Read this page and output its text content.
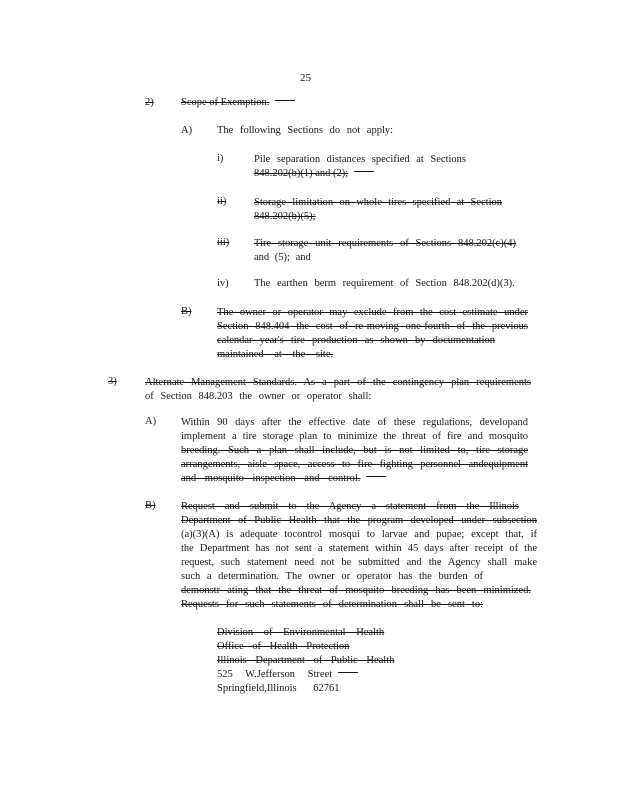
25
2)	Scope of Exemption.
A) The following Sections do not apply:
i)	Pile separation distances specified at Sections
848.202(b)(1) and (2);
ii)	Storage limitation on whole tires specified at Section
848.202(b)(5);
iii) Tire storage unit requirements of Sections 848.202(c)(4)
and (5); and
iv) The earthen berm requirement of Section 848.202(d)(3).
B) The owner or operator may exclude from the cost estimate under
Section 848.404 the cost of re-moving one-fourth of the previous
calendar year's tire production as shown by documentation
maintained at the site.
3)	Alternate Management Standards. As a part of the contingency plan requirements
of Section 848.203 the owner or operator shall:
A) Within 90 days after the effective date of these regulations, developand
implement a tire storage plan to minimize the threat of fire and mosquito
breeding. Such a plan shall include, but is not limited to, tire storage
arrangements, aisle space, access to fire fighting personnel andequipment
and mosquito inspection and control.
B) Request and submit to the Agency a statement from the Illinois
Department of Public Health that the program developed under subsection
(a)(3)(A) is adequate tocontrol mosqui to larvae and pupae; except that, if
the Department has not sent a statement within 45 days after receipt of the
request, such statement need not be submitted and the Agency shall make
such a determination. The owner or operator has the burden of
demonstr ating that the threat of mosquito breeding has been minimized.
Requests for such statements of determination shall be sent to:
Division of Environmental Health
Office of Health Protection
Illinois Department of Public Health
525 W.Jefferson Street
Springfield,Illinois 62761
